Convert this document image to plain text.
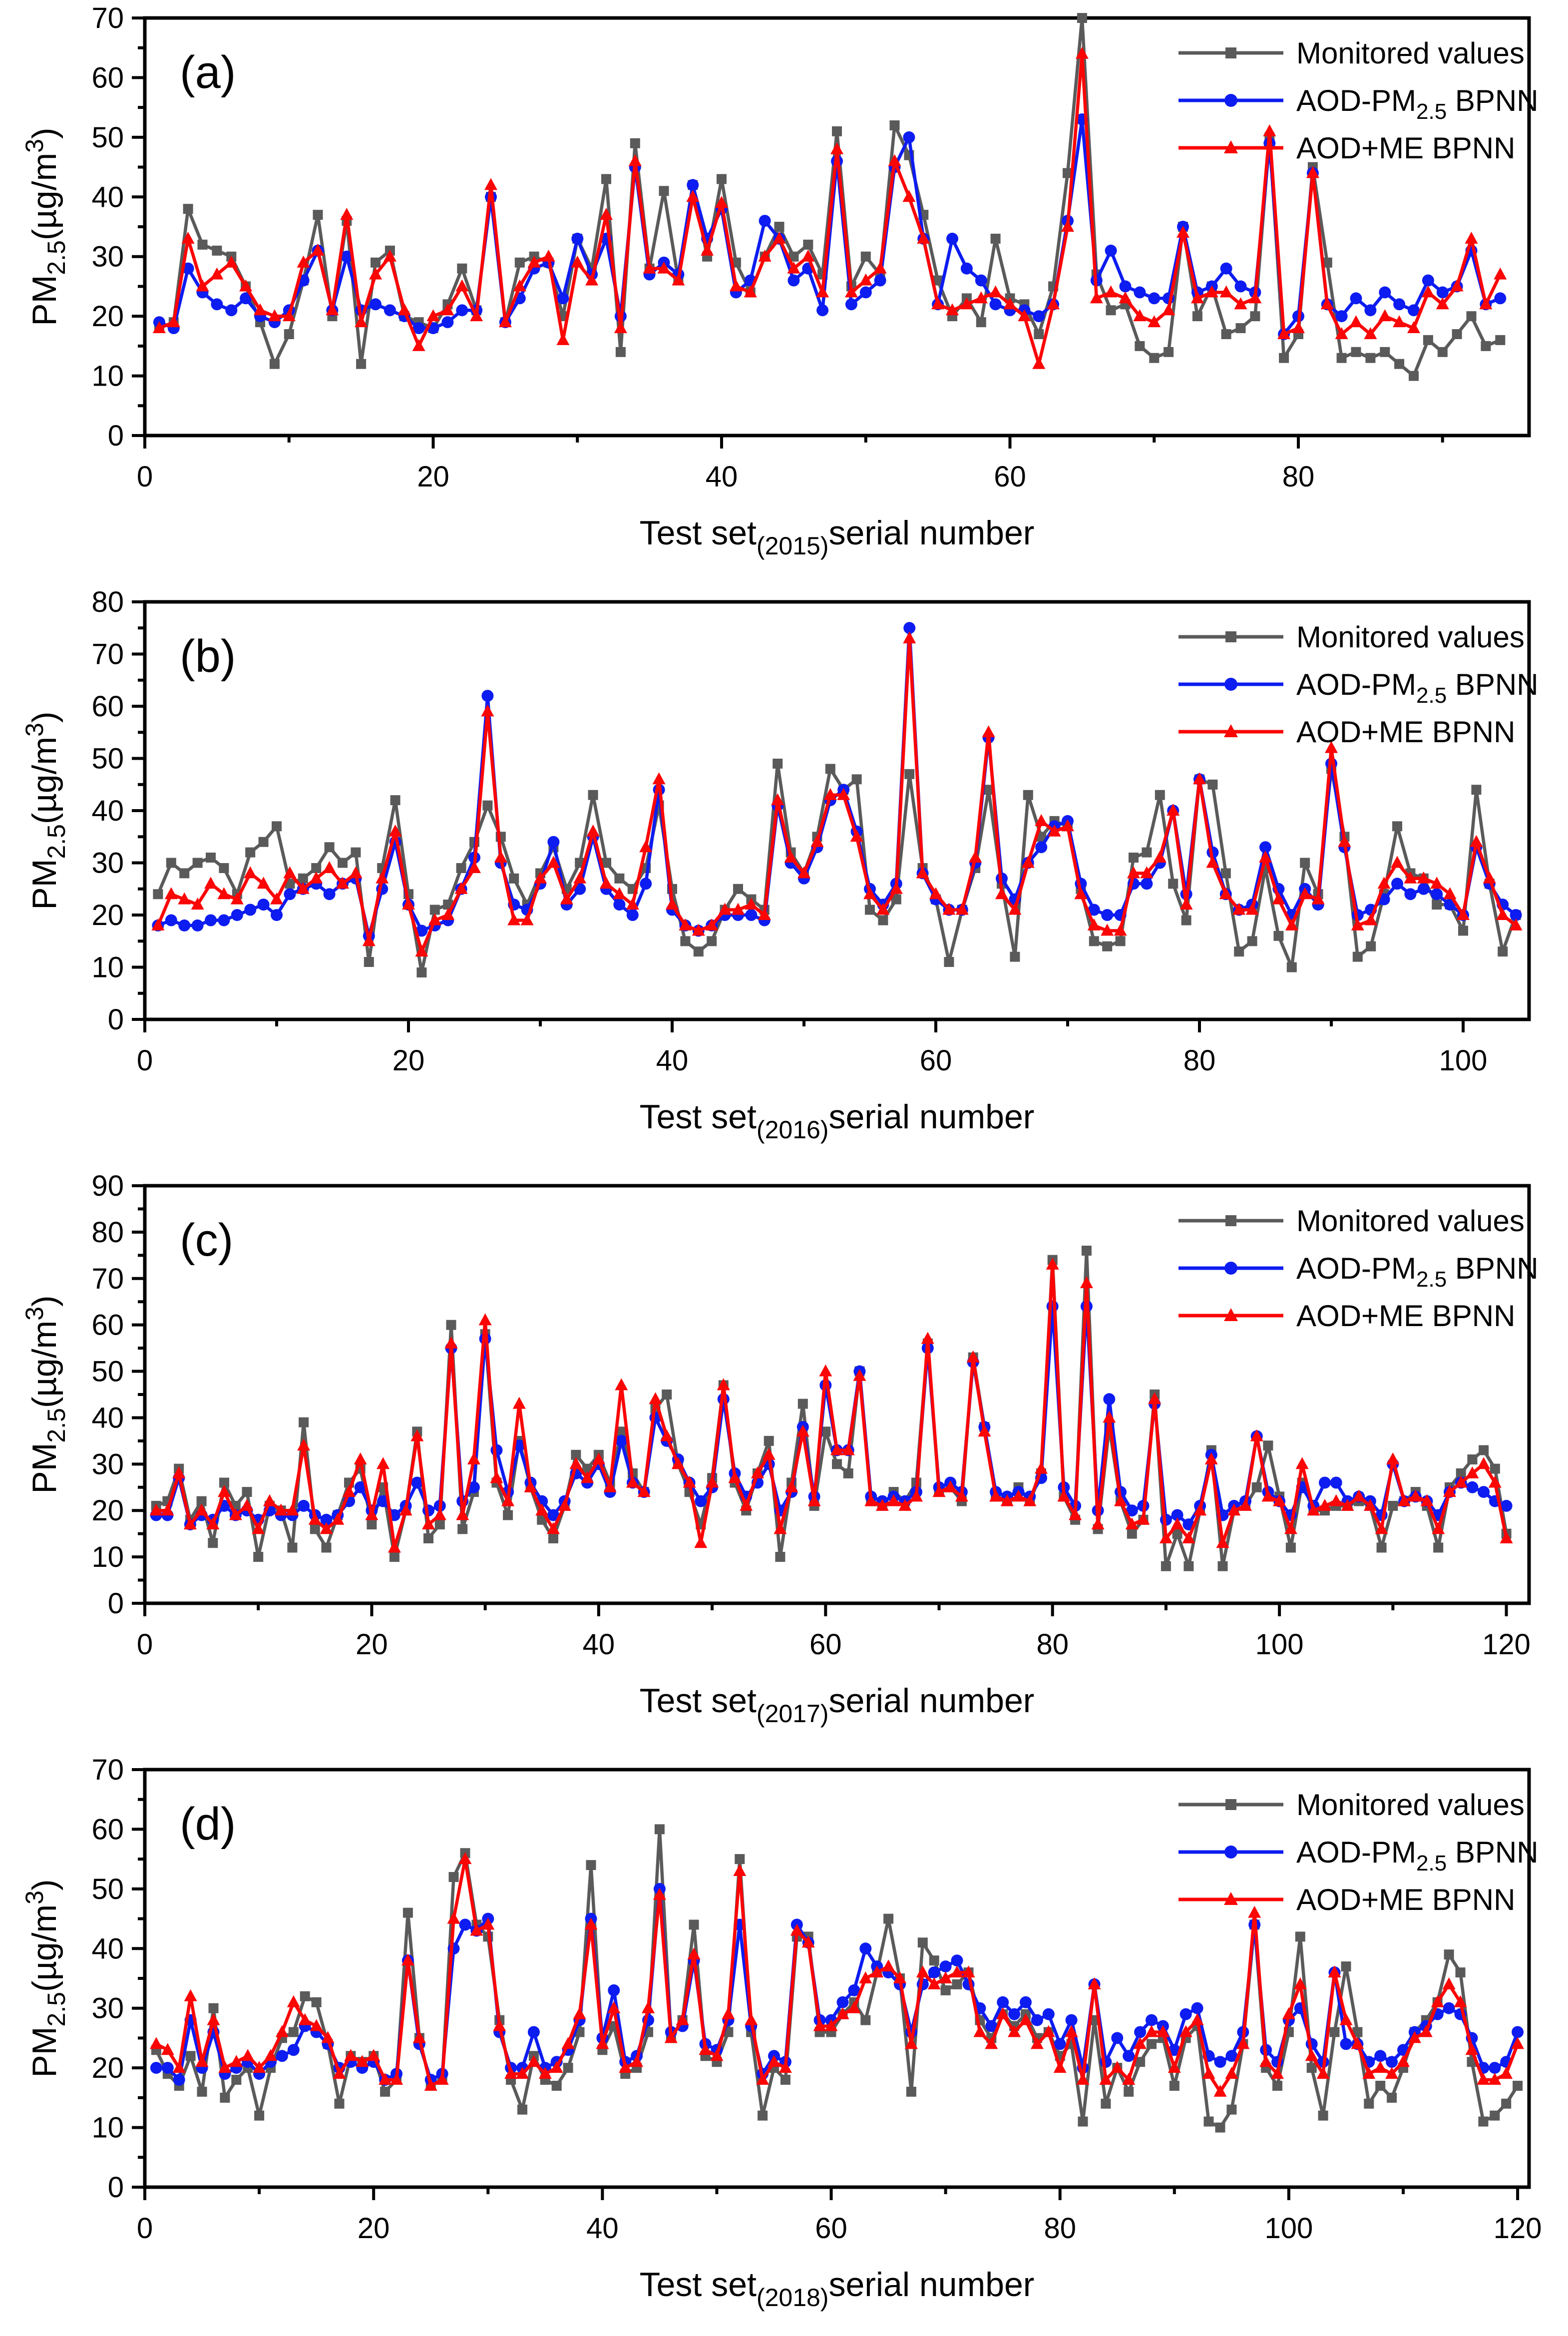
0
10
20
30
40
50
60
70
0	20	40	60	80
(a)	Monitored values
AOD-$PM_{2.5}$ BPNN
AOD+ME BPNN
$PM_{2.5}(\mu g/m^3)$
Test set$_{(2015)}$serial number
0
10
20
30
40
50
60
70
80
0	20	40	60	80	100
(b)	Monitored values
AOD-$PM_{2.5}$ BPNN
AOD+ME BPNN
$PM_{2.5}(\mu g/m^3)$
Test set$_{(2016)}$serial number
0
10
20
30
40
50
60
70
80
90
0	20	40	60	80	100	120
(c)	Monitored values
AOD-$PM_{2.5}$ BPNN
AOD+ME BPNN
$PM_{2.5}(\mu g/m^3)$
Test set$_{(2017)}$serial number
0
10
20
30
40
50
60
70
0	20	40	60	80	100	120
(d)	Monitored values
AOD-$PM_{2.5}$ BPNN
AOD+ME BPNN
$PM_{2.5}(\mu g/m^3)$
Test set$_{(2018)}$serial number
